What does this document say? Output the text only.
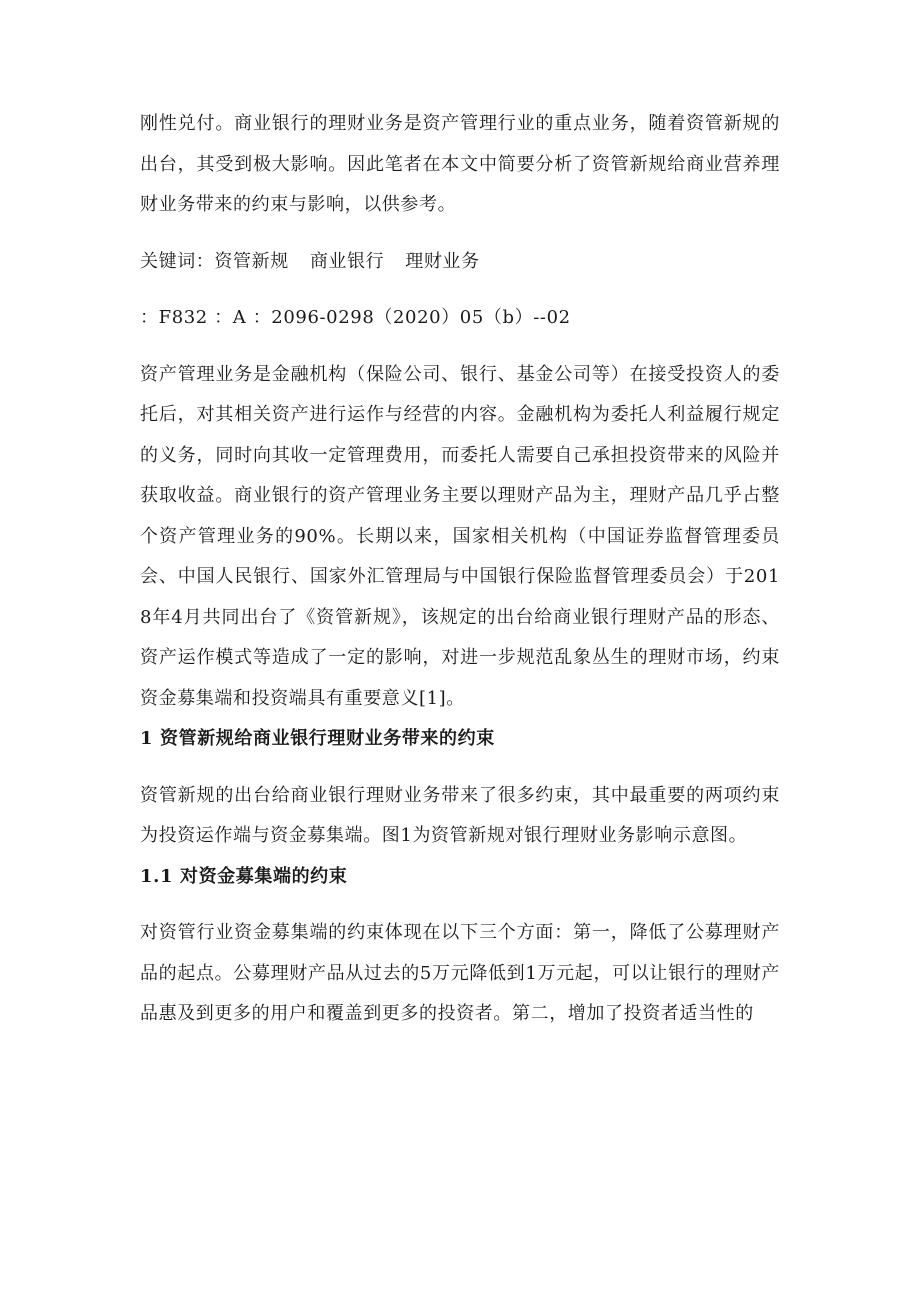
刚性兑付。商业银行的理财业务是资产管理行业的重点业务，随着资管新规的出台，其受到极大影响。因此笔者在本文中简要分析了资管新规给商业营养理财业务带来的约束与影响，以供参考。

关键词： 资管新规 商业银行 理财业务
：F832 ：A ：2096-0298（2020）05（b）--02

资产管理业务是金融机构（保险公司、银行、基金公司等）在接受投资人的委托后，对其相关资产进行运作与经营的内容。金融机构为委托人利益履行规定的义务，同时向其收一定管理费用，而委托人需要自己承担投资带来的风险并获取收益。商业银行的资产管理业务主要以理财产品为主，理财产品几乎占整个资产管理业务的90%。长期以来，国家相关机构（中国证券监督管理委员会、中国人民银行、国家外汇管理局与中国银行保险监督管理委员会）于2018年4月共同出台了《资管新规》，该规定的出台给商业银行理财产品的形态、资产运作模式等造成了一定的影响，对进一步规范乱象丛生的理财市场，约束资金募集端和投资端具有重要意义[1]。

1 资管新规给商业银行理财业务带来的约束

资管新规的出台给商业银行理财业务带来了很多约束，其中最重要的两项约束为投资运作端与资金募集端。图1为资管新规对银行理财业务影响示意图。

1.1 对资金募集端的约束

对资管行业资金募集端的约束体现在以下三个方面：第一，降低了公募理财产品的起点。公募理财产品从过去的5万元降低到1万元起，可以让银行的理财产品惠及到更多的用户和覆盖到更多的投资者。第二，增加了投资者适当性的
